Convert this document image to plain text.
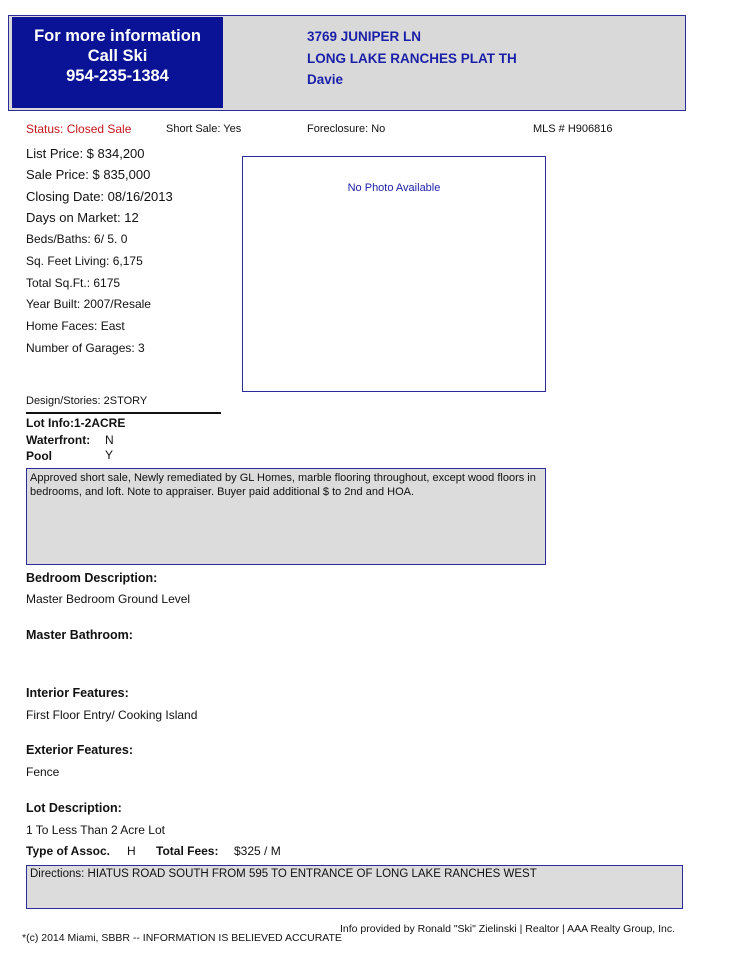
For more information
Call Ski
954-235-1384
3769 JUNIPER LN
LONG LAKE RANCHES PLAT TH
Davie
Status: Closed Sale	Short Sale: Yes	Foreclosure: No	MLS # H906816
List Price: $ 834,200
Sale Price: $ 835,000
Closing Date: 08/16/2013
Days on Market: 12
Beds/Baths: 6/ 5. 0
Sq. Feet Living: 6,175
Total Sq.Ft.: 6175
Year Built: 2007/Resale
Home Faces: East
Number of Garages: 3
No Photo Available
Design/Stories: 2STORY
Lot Info:1-2ACRE
Waterfront: N
Pool	Y
Approved short sale, Newly remediated by GL Homes, marble flooring throughout, except wood floors in bedrooms, and loft. Note to appraiser. Buyer paid additional $ to 2nd and HOA.
Bedroom Description:
Master Bedroom Ground Level
Master Bathroom:
Interior Features:
First Floor Entry/ Cooking Island
Exterior Features:
Fence
Lot Description:
1 To Less Than 2 Acre Lot
Type of Assoc. H Total Fees: $325 / M
Directions: HIATUS ROAD SOUTH FROM 595 TO ENTRANCE OF LONG LAKE RANCHES WEST
*(c) 2014 Miami, SBBR -- INFORMATION IS BELIEVED ACCURATE
Info provided by Ronald "Ski" Zielinski | Realtor | AAA Realty Group, Inc.
